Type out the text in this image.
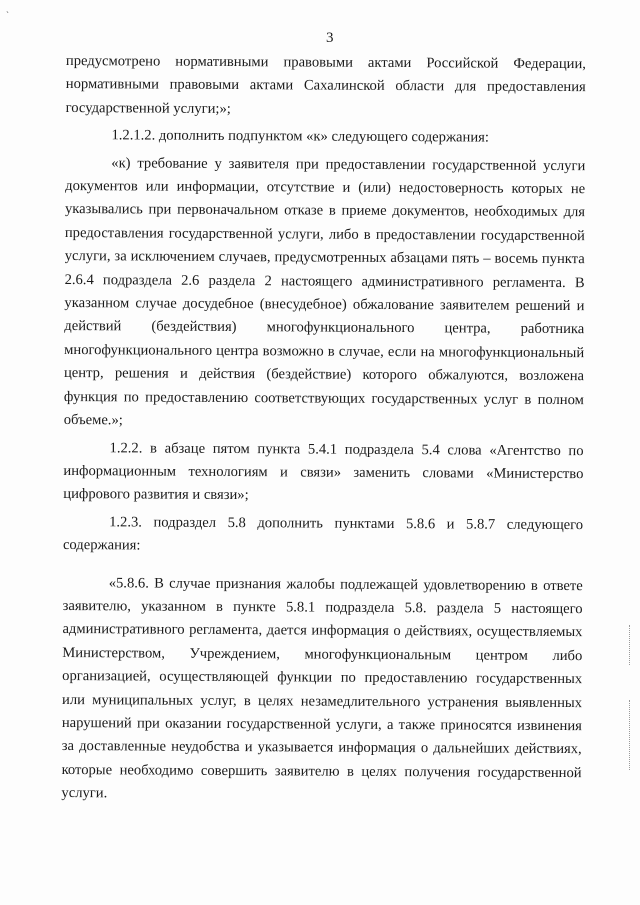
`
3

предусмотрено нормативными правовыми актами Российской Федерации, нормативными правовыми актами Сахалинской области для предоставления государственной услуги;»;

1.2.1.2. дополнить подпунктом «к» следующего содержания:

«к) требование у заявителя при предоставлении государственной услуги документов или информации, отсутствие и (или) недостоверность которых не указывались при первоначальном отказе в приеме документов, необходимых для предоставления государственной услуги, либо в предоставлении государственной услуги, за исключением случаев, предусмотренных абзацами пять – восемь пункта 2.6.4 подраздела 2.6 раздела 2 настоящего административного регламента. В указанном случае досудебное (внесудебное) обжалование заявителем решений и действий (бездействия) многофункционального центра, работника многофункционального центра возможно в случае, если на многофункциональный центр, решения и действия (бездействие) которого обжалуются, возложена функция по предоставлению соответствующих государственных услуг в полном объеме.»;

1.2.2. в абзаце пятом пункта 5.4.1 подраздела 5.4 слова «Агентство по информационным технологиям и связи» заменить словами «Министерство цифрового развития и связи»;

1.2.3. подраздел 5.8 дополнить пунктами 5.8.6 и 5.8.7 следующего содержания:

«5.8.6. В случае признания жалобы подлежащей удовлетворению в ответе заявителю, указанном в пункте 5.8.1 подраздела 5.8. раздела 5 настоящего административного регламента, дается информация о действиях, осуществляемых Министерством, Учреждением, многофункциональным центром либо организацией, осуществляющей функции по предоставлению государственных или муниципальных услуг, в целях незамедлительного устранения выявленных нарушений при оказании государственной услуги, а также приносятся извинения за доставленные неудобства и указывается информация о дальнейших действиях, которые необходимо совершить заявителю в целях получения государственной услуги.
